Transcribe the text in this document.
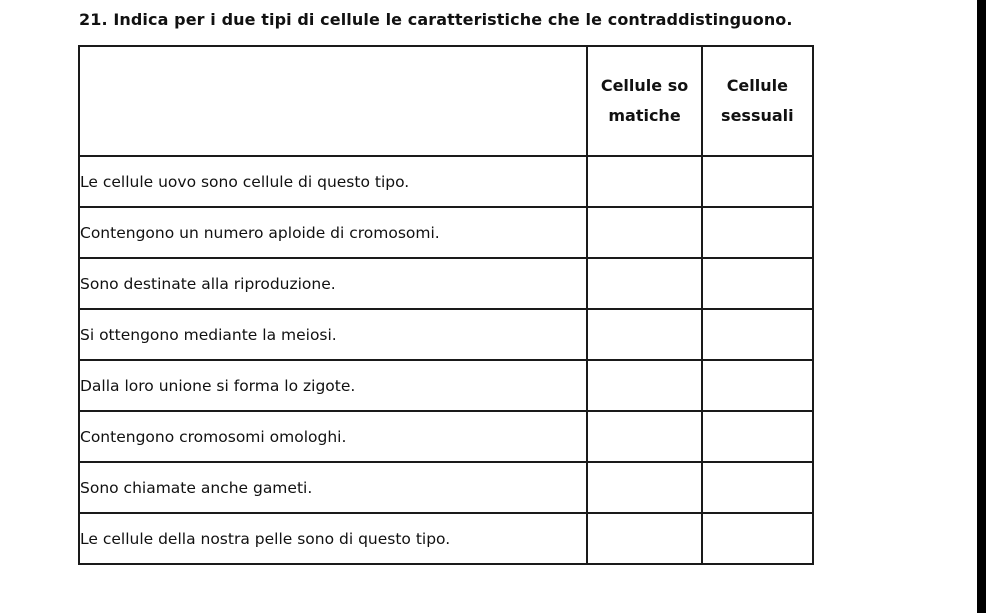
21. Indica per i due tipi di cellule le caratteristiche che le contraddistinguono.

	Cellule somatiche	Cellule sessuali
Le cellule uovo sono cellule di questo tipo.		
Contengono un numero aploide di cromosomi.		
Sono destinate alla riproduzione.		
Si ottengono mediante la meiosi.		
Dalla loro unione si forma lo zigote.		
Contengono cromosomi omologhi.		
Sono chiamate anche gameti.		
Le cellule della nostra pelle sono di questo tipo.		
